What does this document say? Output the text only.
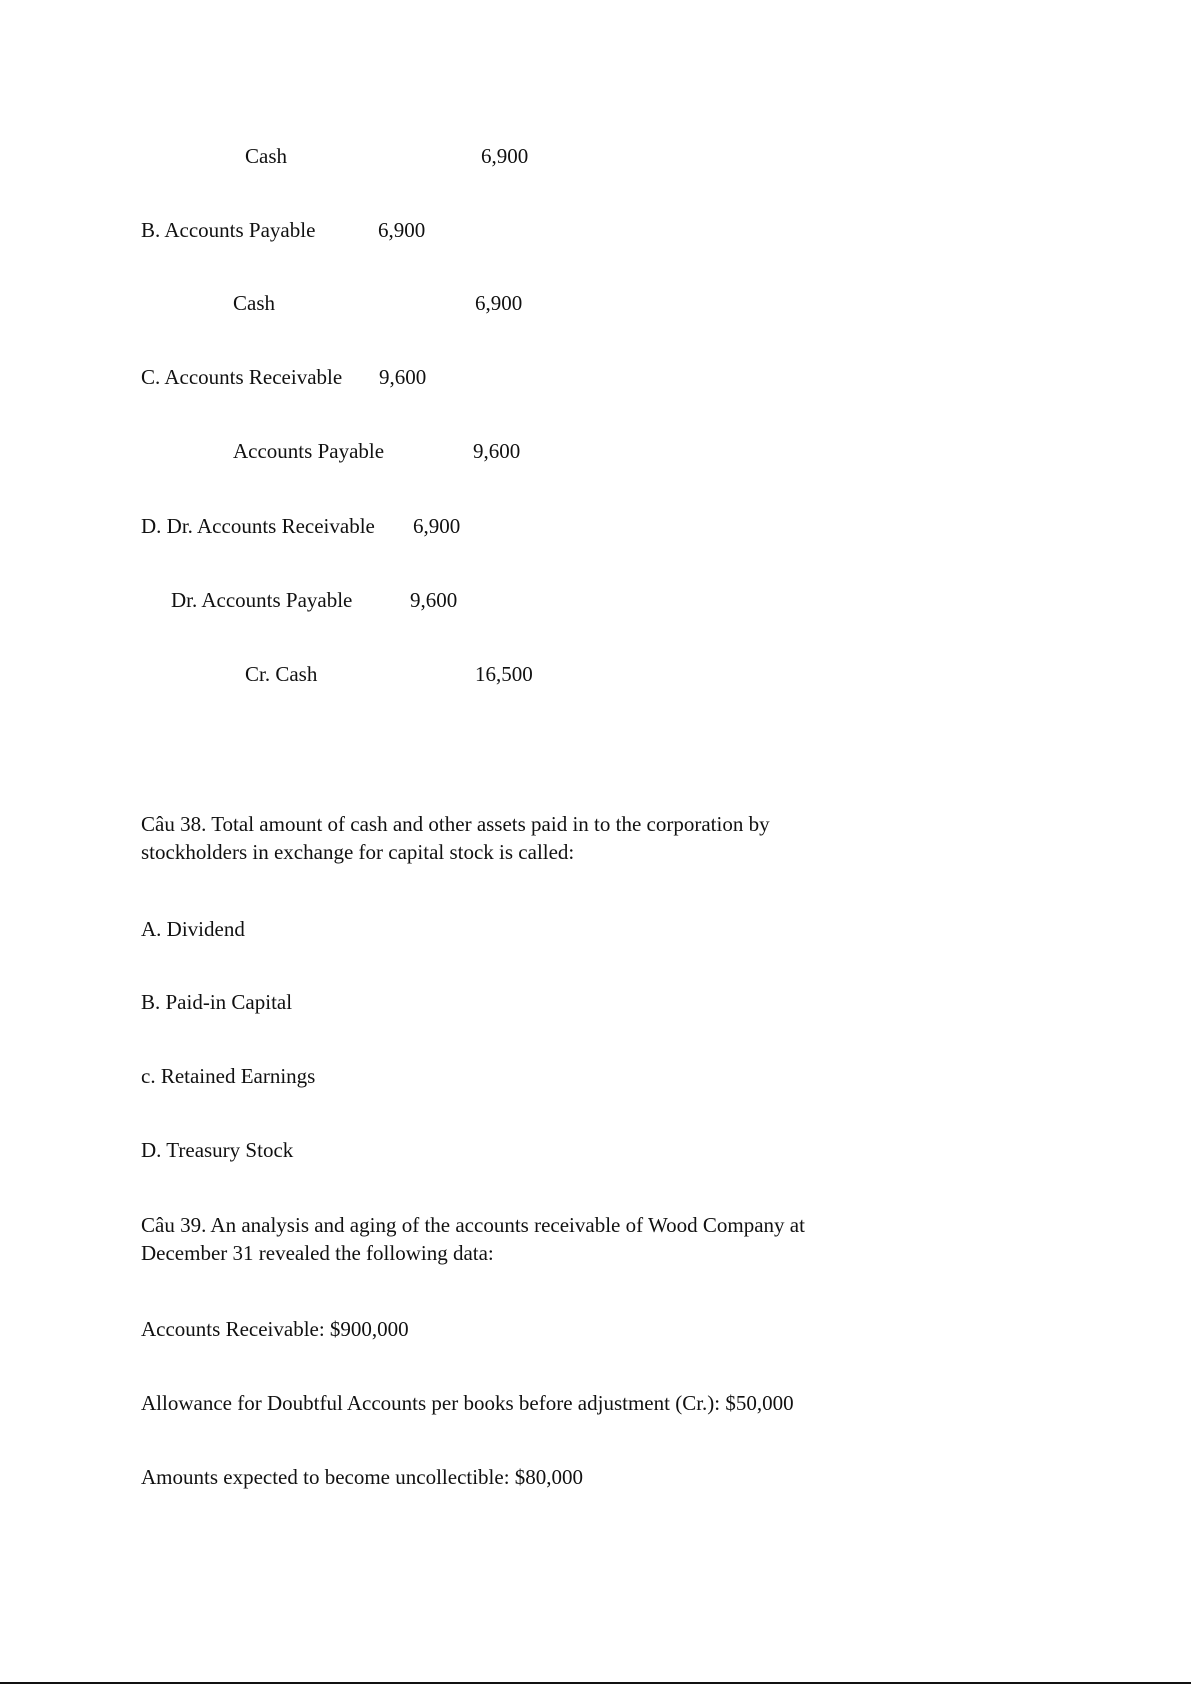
Cash	6,900
B. Accounts Payable	6,900
Cash	6,900
C. Accounts Receivable 9,600
Accounts Payable	9,600
D. Dr. Accounts Receivable 6,900
Dr. Accounts Payable	9,600
Cr. Cash	16,500
Câu 38. Total amount of cash and other assets paid in to the corporation by stockholders in exchange for capital stock is called:
A. Dividend
B. Paid-in Capital
c. Retained Earnings
D. Treasury Stock
Câu 39. An analysis and aging of the accounts receivable of Wood Company at December 31 revealed the following data:
Accounts Receivable: $900,000
Allowance for Doubtful Accounts per books before adjustment (Cr.): $50,000
Amounts expected to become uncollectible: $80,000
